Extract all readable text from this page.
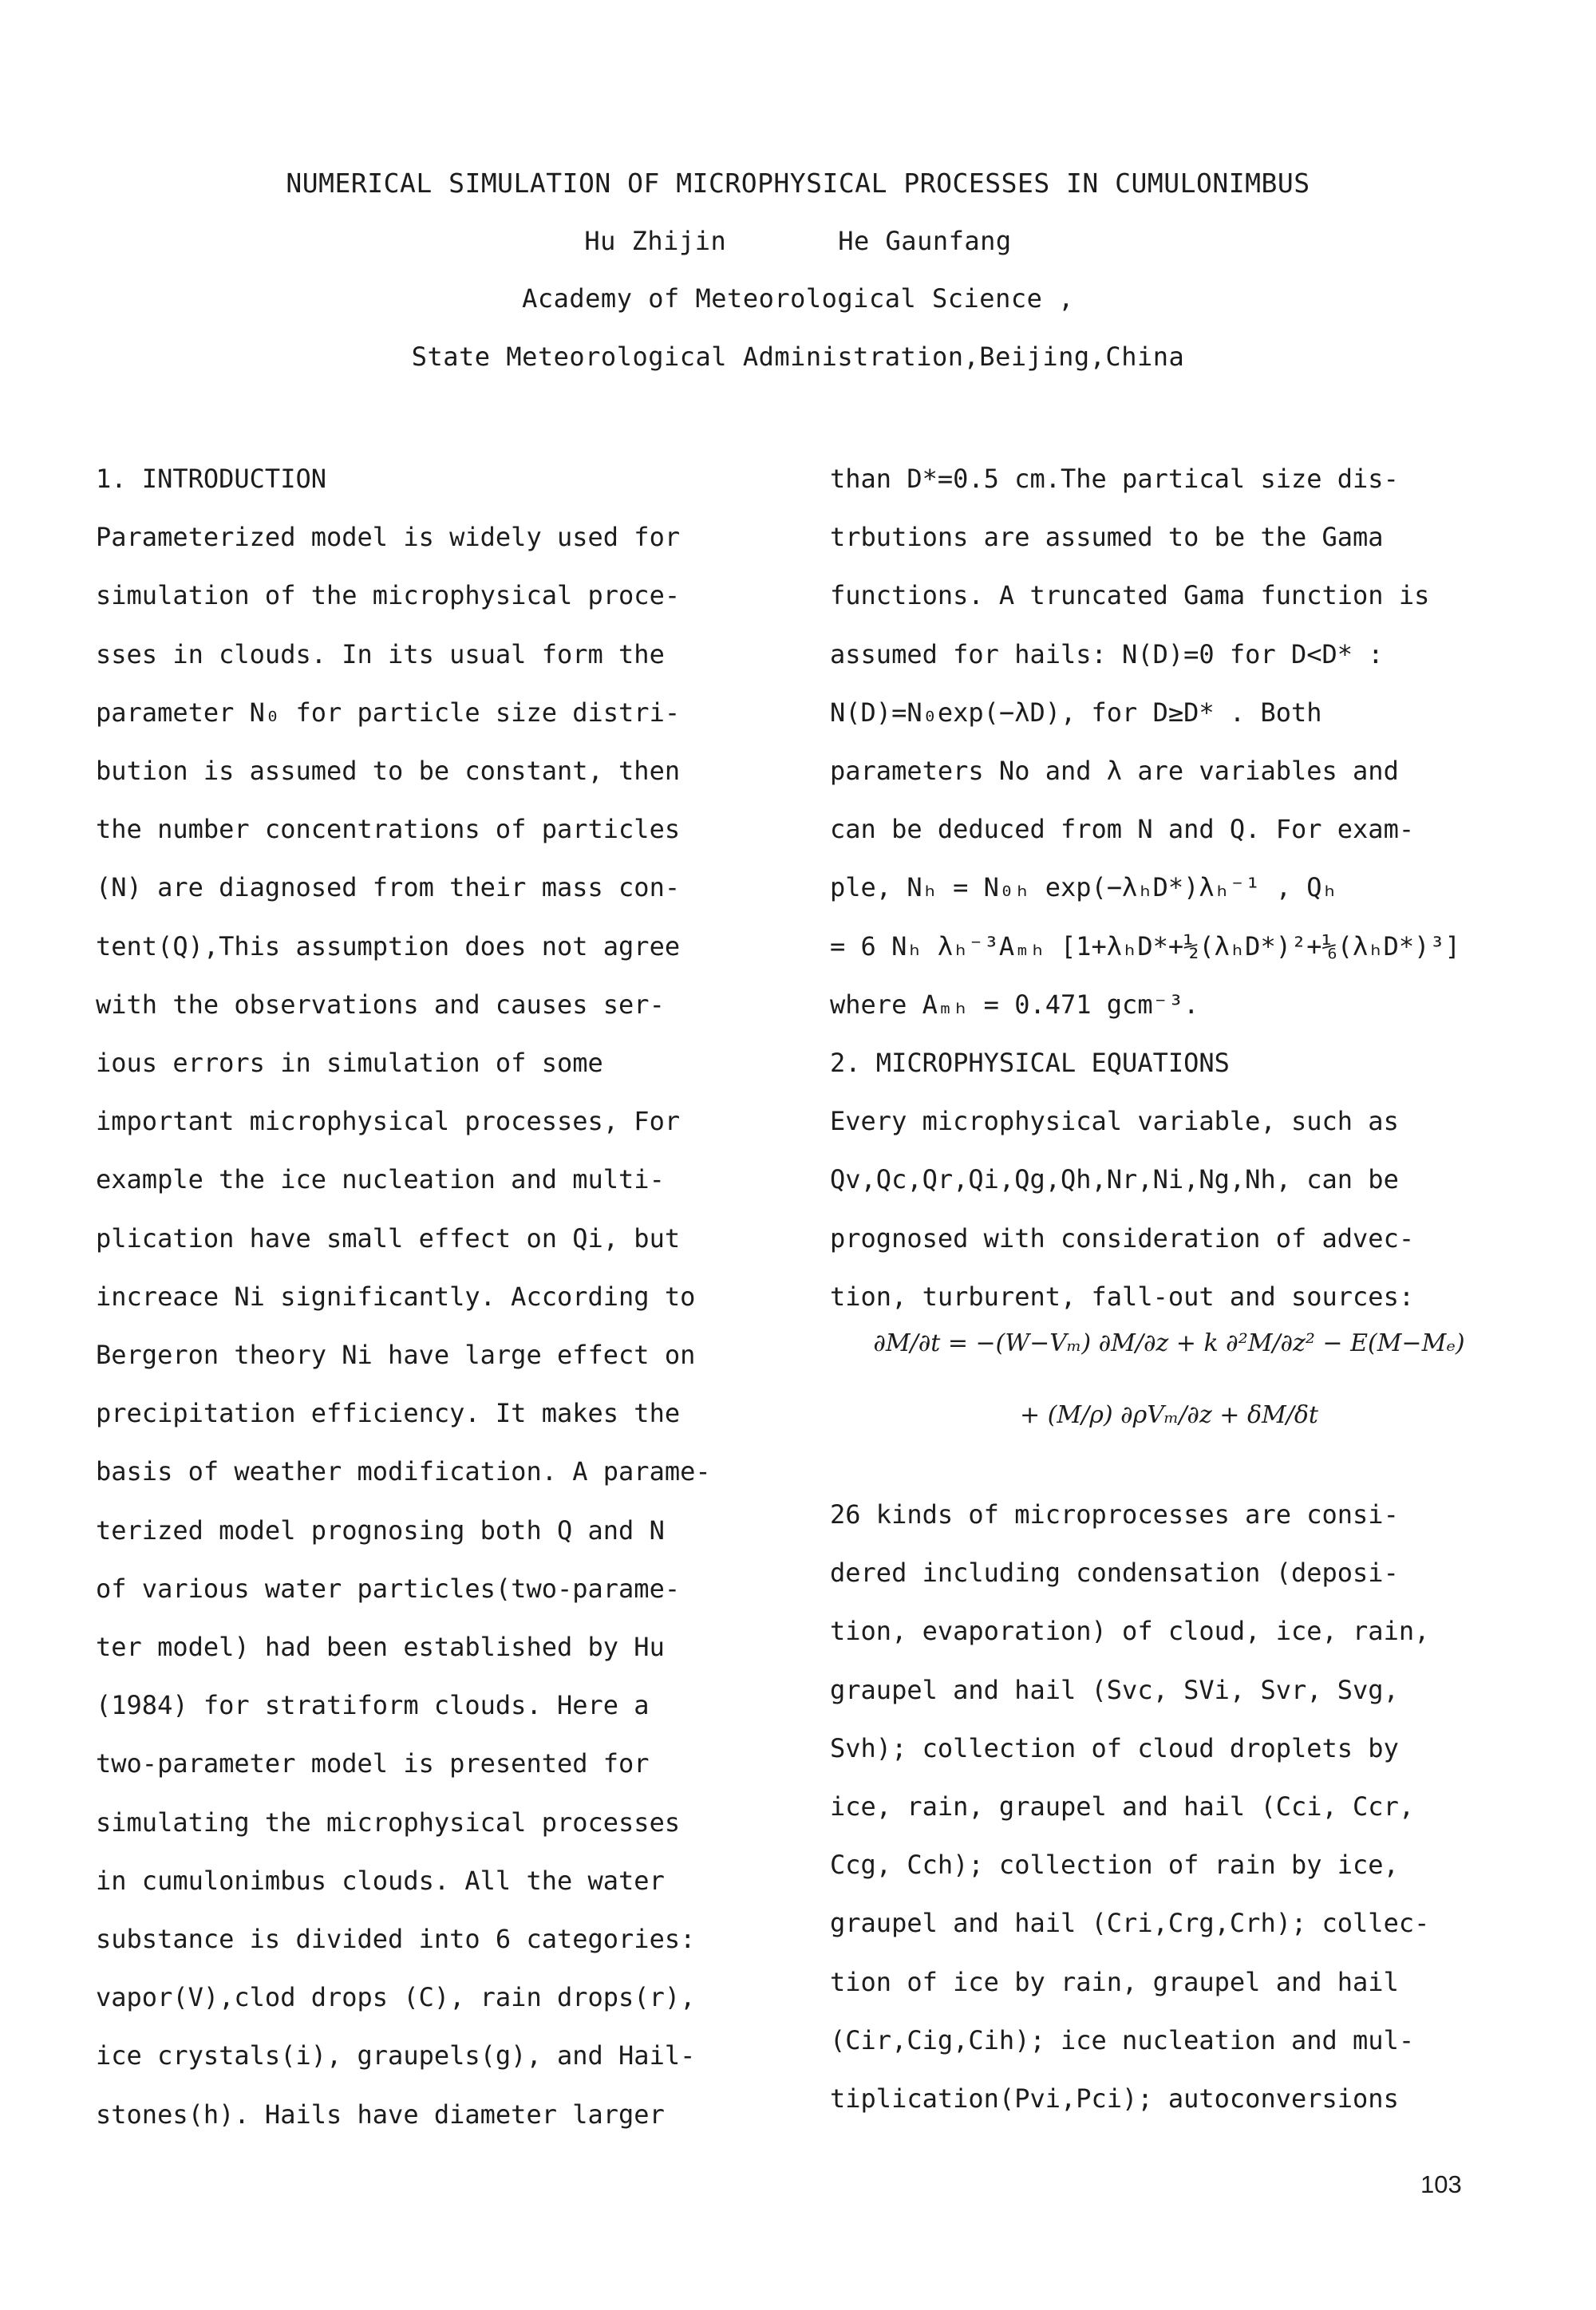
NUMERICAL SIMULATION OF MICROPHYSICAL PROCESSES IN CUMULONIMBUS
Hu Zhijin	He Gaunfang
Academy of Meteorological Science ,
State Meteorological Administration,Beijing,China
1. INTRODUCTION
Parameterized model is widely used for
simulation of the microphysical proce-
sses in clouds. In its usual form the
parameter N₀ for particle size distri-
bution is assumed to be constant, then
the number concentrations of particles
(N) are diagnosed from their mass con-
tent(Q),This assumption does not agree
with the observations and causes ser-
ious errors in simulation of some
important microphysical processes, For
example the ice nucleation and multi-
plication have small effect on Qi, but
increace Ni significantly. According to
Bergeron theory Ni have large effect on
precipitation efficiency. It makes the
basis of weather modification. A parame-
terized model prognosing both Q and N
of various water particles(two-parame-
ter model) had been established by Hu
(1984) for stratiform clouds. Here a
two-parameter model is presented for
simulating the microphysical processes
in cumulonimbus clouds. All the water
substance is divided into 6 categories:
vapor(V),clod drops (C), rain drops(r),
ice crystals(i), graupels(g), and Hail-
stones(h). Hails have diameter larger
∂M/∂t = −(W−Vₘ) ∂M/∂z + k ∂²M/∂z² − E(M−Mₑ)
+ (M/ρ) ∂ρVₘ/∂z + δM/δt
than D*=0.5 cm.The partical size dis-
trbutions are assumed to be the Gama
functions. A truncated Gama function is
assumed for hails: N(D)=0 for D<D* :
N(D)=N₀exp(−λD), for D≥D* . Both
parameters No and λ are variables and
can be deduced from N and Q. For exam-
ple, Nₕ = N₀ₕ exp(−λₕD*)λₕ⁻¹ , Qₕ
= 6 Nₕ λₕ⁻³Aₘₕ [1+λₕD*+½(λₕD*)²+⅙(λₕD*)³]
where Aₘₕ = 0.471 gcm⁻³.
2. MICROPHYSICAL EQUATIONS
Every microphysical variable, such as
Qv,Qc,Qr,Qi,Qg,Qh,Nr,Ni,Ng,Nh, can be
prognosed with consideration of advec-
tion, turburent, fall-out and sources:
26 kinds of microprocesses are consi-
dered including condensation (deposi-
tion, evaporation) of cloud, ice, rain,
graupel and hail (Svc, SVi, Svr, Svg,
Svh); collection of cloud droplets by
ice, rain, graupel and hail (Cci, Ccr,
Ccg, Cch); collection of rain by ice,
graupel and hail (Cri,Crg,Crh); collec-
tion of ice by rain, graupel and hail
(Cir,Cig,Cih); ice nucleation and mul-
tiplication(Pvi,Pci); autoconversions
103
